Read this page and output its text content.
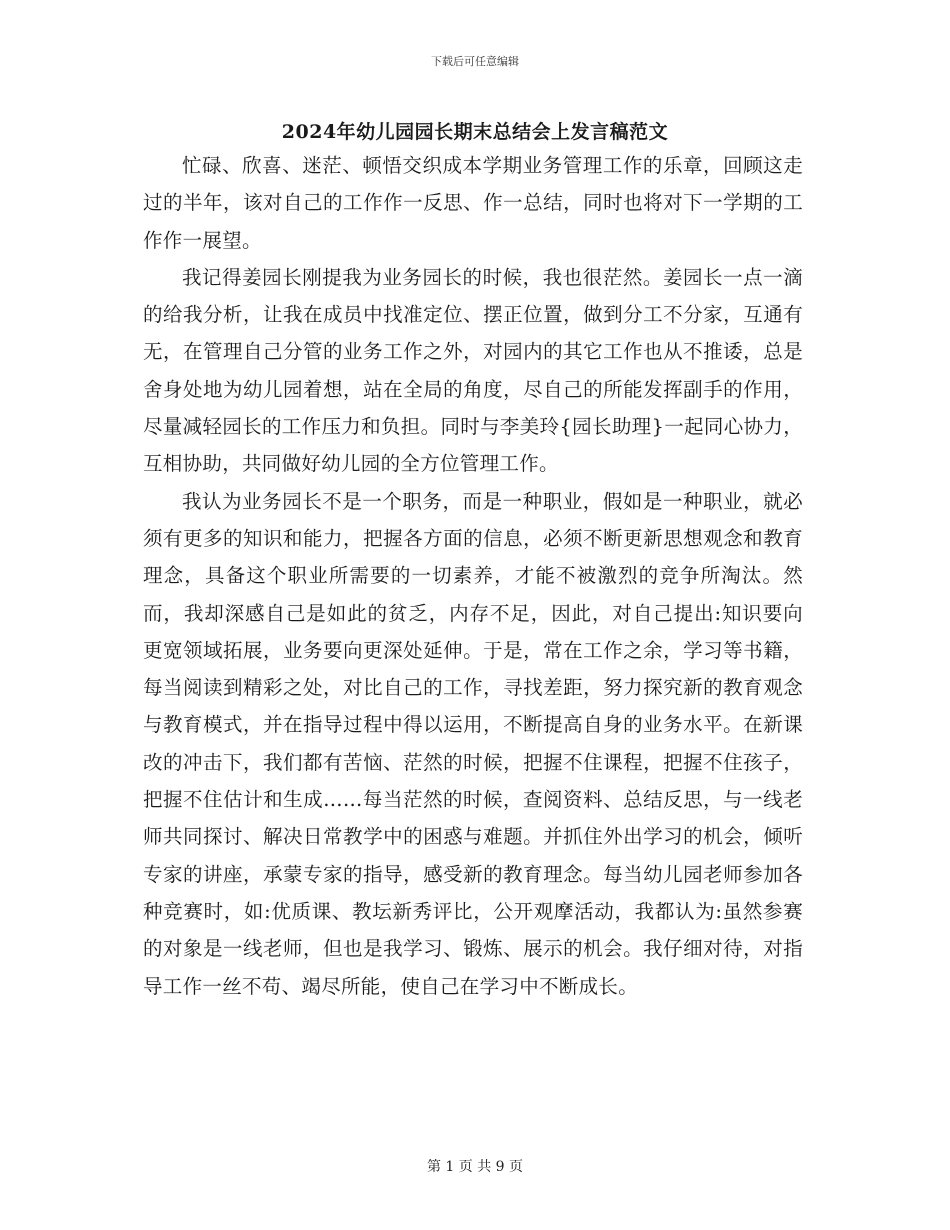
下载后可任意编辑
2024年幼儿园园长期末总结会上发言稿范文

忙碌、欣喜、迷茫、顿悟交织成本学期业务管理工作的乐章，回顾这走过的半年，该对自己的工作作一反思、作一总结，同时也将对下一学期的工作作一展望。

我记得姜园长刚提我为业务园长的时候，我也很茫然。姜园长一点一滴的给我分析，让我在成员中找准定位、摆正位置，做到分工不分家，互通有无，在管理自己分管的业务工作之外，对园内的其它工作也从不推诿，总是舍身处地为幼儿园着想，站在全局的角度，尽自己的所能发挥副手的作用，尽量减轻园长的工作压力和负担。同时与李美玲{园长助理}一起同心协力，互相协助，共同做好幼儿园的全方位管理工作。

我认为业务园长不是一个职务，而是一种职业，假如是一种职业，就必须有更多的知识和能力，把握各方面的信息，必须不断更新思想观念和教育理念，具备这个职业所需要的一切素养，才能不被激烈的竞争所淘汰。然而，我却深感自己是如此的贫乏，内存不足，因此，对自己提出:知识要向更宽领域拓展，业务要向更深处延伸。于是，常在工作之余，学习等书籍，每当阅读到精彩之处，对比自己的工作，寻找差距，努力探究新的教育观念与教育模式，并在指导过程中得以运用，不断提高自身的业务水平。在新课改的冲击下，我们都有苦恼、茫然的时候，把握不住课程，把握不住孩子，把握不住估计和生成……每当茫然的时候，查阅资料、总结反思，与一线老师共同探讨、解决日常教学中的困惑与难题。并抓住外出学习的机会，倾听专家的讲座，承蒙专家的指导，感受新的教育理念。每当幼儿园老师参加各种竞赛时，如:优质课、教坛新秀评比，公开观摩活动，我都认为:虽然参赛的对象是一线老师，但也是我学习、锻炼、展示的机会。我仔细对待，对指导工作一丝不苟、竭尽所能，使自己在学习中不断成长。

第 1 页 共 9 页
